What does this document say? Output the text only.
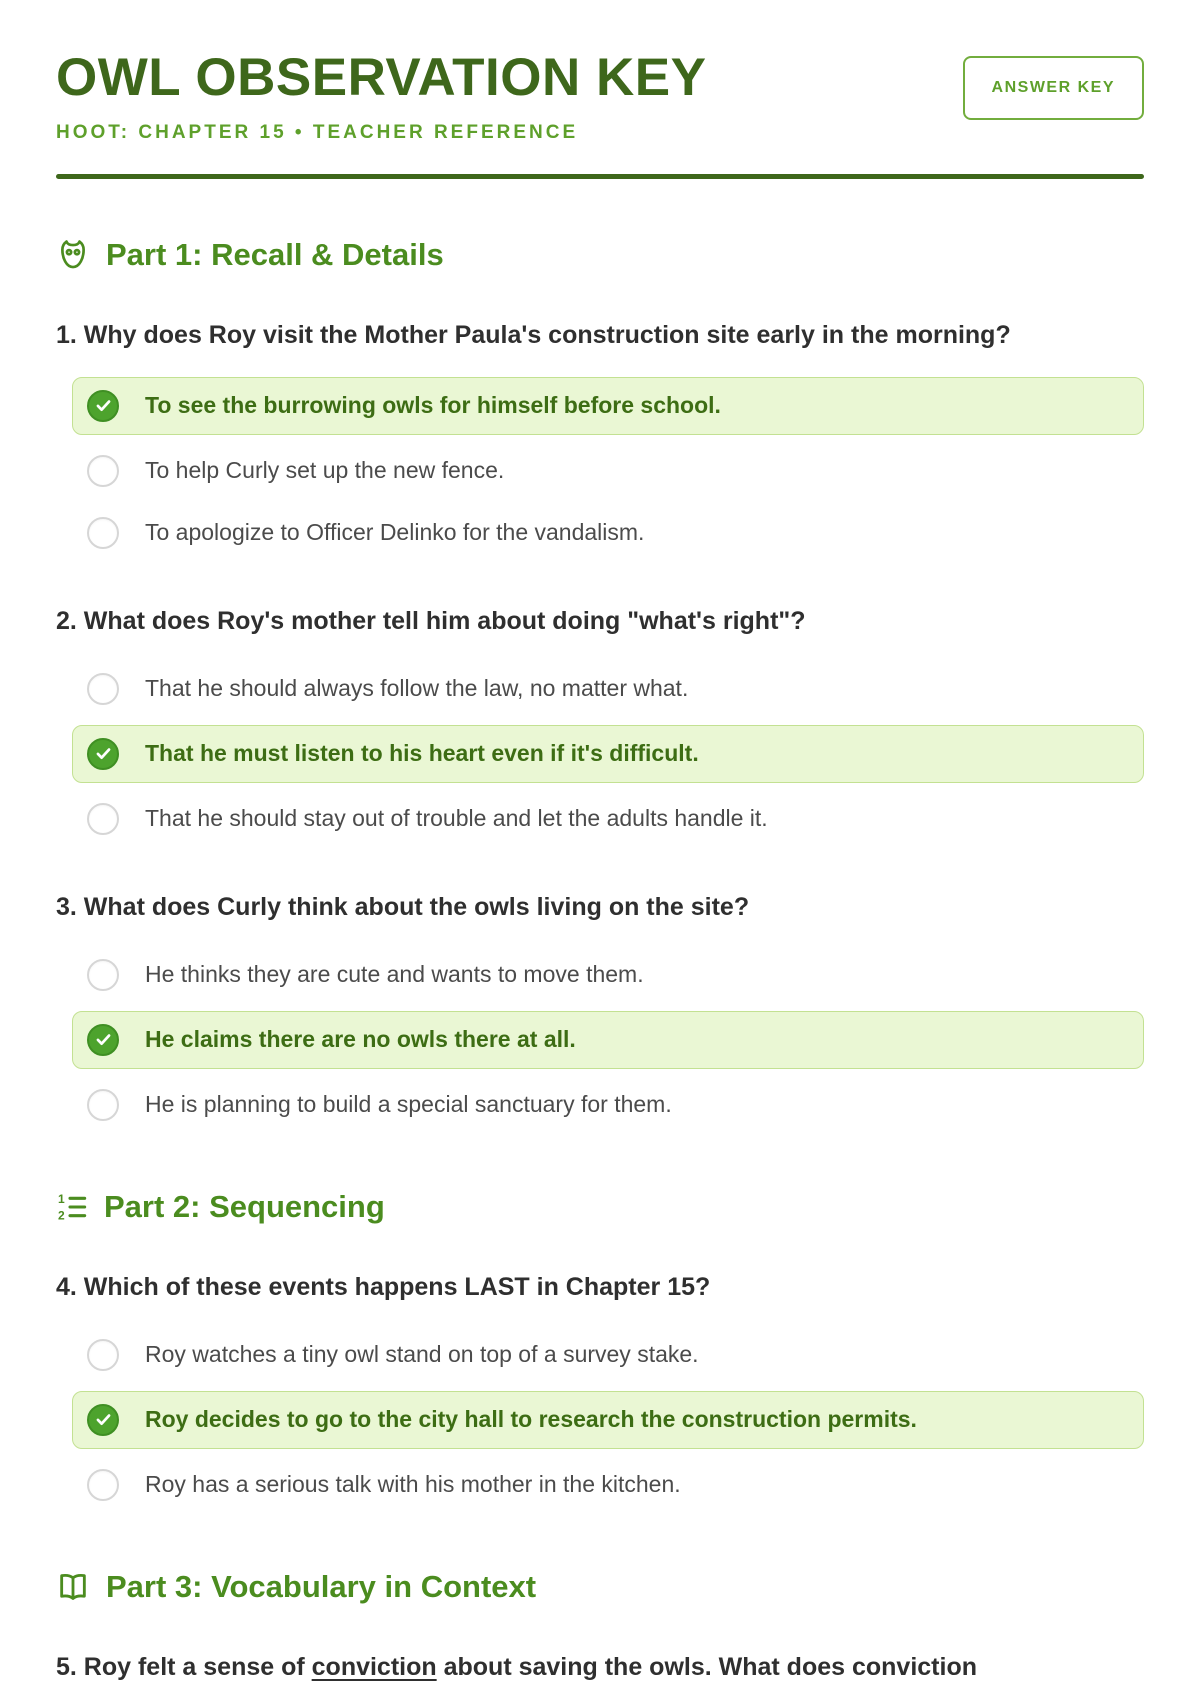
OWL OBSERVATION KEY
HOOT: CHAPTER 15 • TEACHER REFERENCE
ANSWER KEY
Part 1: Recall & Details
1. Why does Roy visit the Mother Paula's construction site early in the morning?
To see the burrowing owls for himself before school.
To help Curly set up the new fence.
To apologize to Officer Delinko for the vandalism.
2. What does Roy's mother tell him about doing "what's right"?
That he should always follow the law, no matter what.
That he must listen to his heart even if it's difficult.
That he should stay out of trouble and let the adults handle it.
3. What does Curly think about the owls living on the site?
He thinks they are cute and wants to move them.
He claims there are no owls there at all.
He is planning to build a special sanctuary for them.
1
2 Part 2: Sequencing
4. Which of these events happens LAST in Chapter 15?
Roy watches a tiny owl stand on top of a survey stake.
Roy decides to go to the city hall to research the construction permits.
Roy has a serious talk with his mother in the kitchen.
Part 3: Vocabulary in Context
5. Roy felt a sense of conviction about saving the owls. What does conviction
